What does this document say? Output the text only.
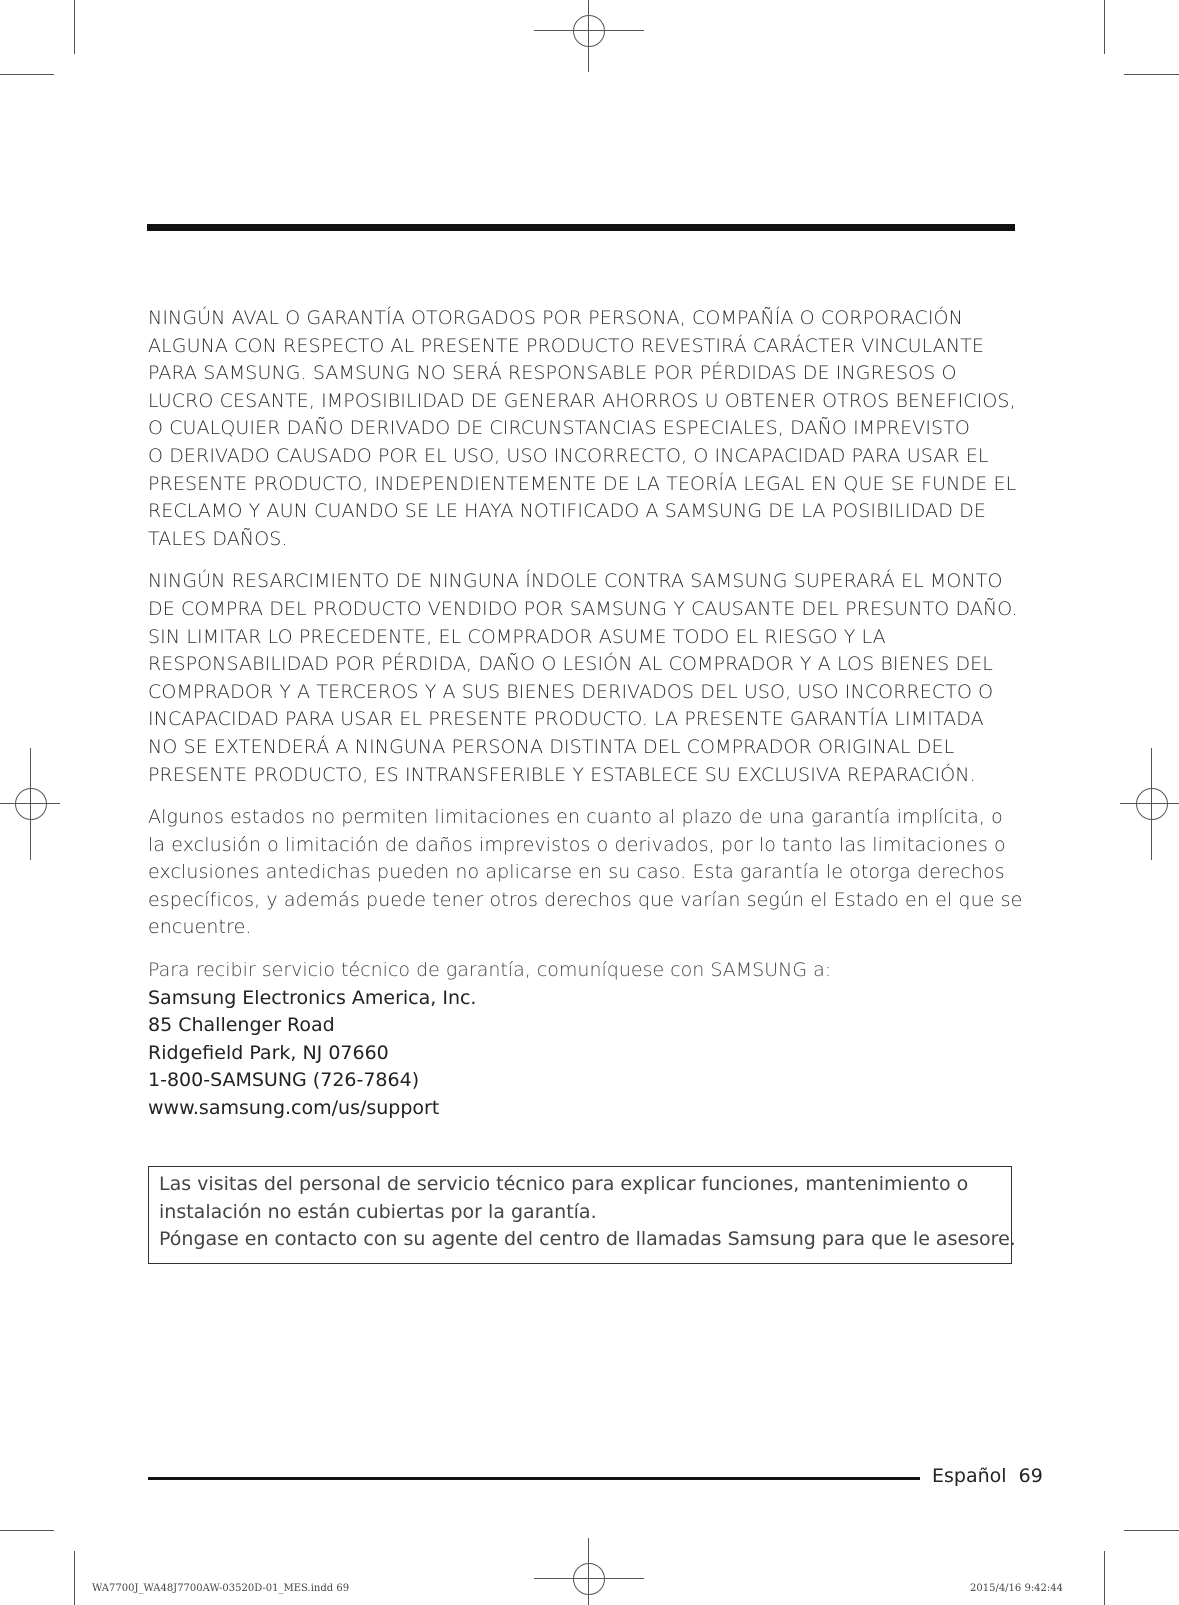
NINGÚN AVAL O GARANTÍA OTORGADOS POR PERSONA, COMPAÑÍA O CORPORACIÓN
ALGUNA CON RESPECTO AL PRESENTE PRODUCTO REVESTIRÁ CARÁCTER VINCULANTE
PARA SAMSUNG. SAMSUNG NO SERÁ RESPONSABLE POR PÉRDIDAS DE INGRESOS O
LUCRO CESANTE, IMPOSIBILIDAD DE GENERAR AHORROS U OBTENER OTROS BENEFICIOS,
O CUALQUIER DAÑO DERIVADO DE CIRCUNSTANCIAS ESPECIALES, DAÑO IMPREVISTO
O DERIVADO CAUSADO POR EL USO, USO INCORRECTO, O INCAPACIDAD PARA USAR EL
PRESENTE PRODUCTO, INDEPENDIENTEMENTE DE LA TEORÍA LEGAL EN QUE SE FUNDE EL
RECLAMO Y AUN CUANDO SE LE HAYA NOTIFICADO A SAMSUNG DE LA POSIBILIDAD DE
TALES DAÑOS.

NINGÚN RESARCIMIENTO DE NINGUNA ÍNDOLE CONTRA SAMSUNG SUPERARÁ EL MONTO
DE COMPRA DEL PRODUCTO VENDIDO POR SAMSUNG Y CAUSANTE DEL PRESUNTO DAÑO.
SIN LIMITAR LO PRECEDENTE, EL COMPRADOR ASUME TODO EL RIESGO Y LA
RESPONSABILIDAD POR PÉRDIDA, DAÑO O LESIÓN AL COMPRADOR Y A LOS BIENES DEL
COMPRADOR Y A TERCEROS Y A SUS BIENES DERIVADOS DEL USO, USO INCORRECTO O
INCAPACIDAD PARA USAR EL PRESENTE PRODUCTO. LA PRESENTE GARANTÍA LIMITADA
NO SE EXTENDERÁ A NINGUNA PERSONA DISTINTA DEL COMPRADOR ORIGINAL DEL
PRESENTE PRODUCTO, ES INTRANSFERIBLE Y ESTABLECE SU EXCLUSIVA REPARACIÓN.

Algunos estados no permiten limitaciones en cuanto al plazo de una garantía implícita, o
la exclusión o limitación de daños imprevistos o derivados, por lo tanto las limitaciones o
exclusiones antedichas pueden no aplicarse en su caso. Esta garantía le otorga derechos
específicos, y además puede tener otros derechos que varían según el Estado en el que se
encuentre.

Para recibir servicio técnico de garantía, comuníquese con SAMSUNG a:
Samsung Electronics America, Inc.
85 Challenger Road
Ridgefield Park, NJ 07660
1-800-SAMSUNG (726-7864)
www.samsung.com/us/support
Las visitas del personal de servicio técnico para explicar funciones, mantenimiento o
instalación no están cubiertas por la garantía.
Póngase en contacto con su agente del centro de llamadas Samsung para que le asesore.
Español 69
WA7700J_WA48J7700AW-03520D-01_MES.indd 69	2015/4/16 9:42:44
